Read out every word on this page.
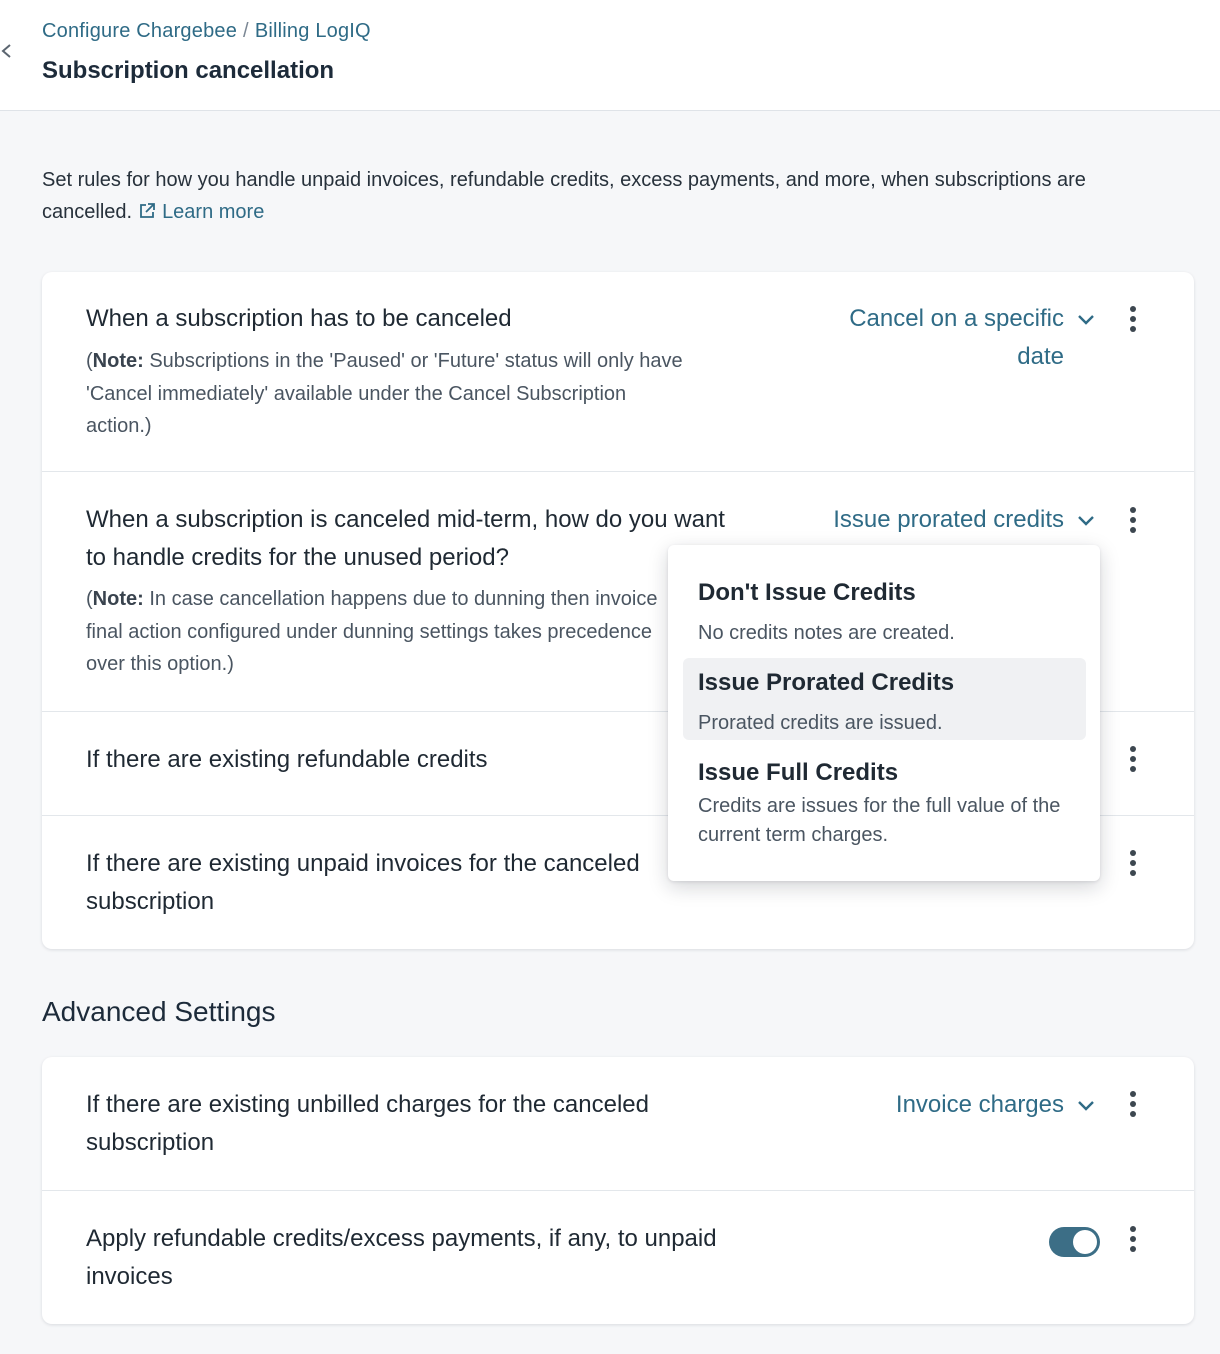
Configure Chargebee / Billing LogIQ
Subscription cancellation
Set rules for how you handle unpaid invoices, refundable credits, excess payments, and more, when subscriptions are cancelled. Learn more
When a subscription has to be canceled
(Note: Subscriptions in the 'Paused' or 'Future' status will only have 'Cancel immediately' available under the Cancel Subscription action.)
Cancel on a specific
date
When a subscription is canceled mid-term, how do you want to handle credits for the unused period?
(Note: In case cancellation happens due to dunning then invoice final action configured under dunning settings takes precedence over this option.)
Issue prorated credits
If there are existing refundable credits
If there are existing unpaid invoices for the canceled subscription
Advanced Settings
If there are existing unbilled charges for the canceled subscription
Invoice charges
Apply refundable credits/excess payments, if any, to unpaid invoices
Don't Issue Credits
No credits notes are created.
Issue Prorated Credits
Prorated credits are issued.
Issue Full Credits
Credits are issues for the full value of the current term charges.
